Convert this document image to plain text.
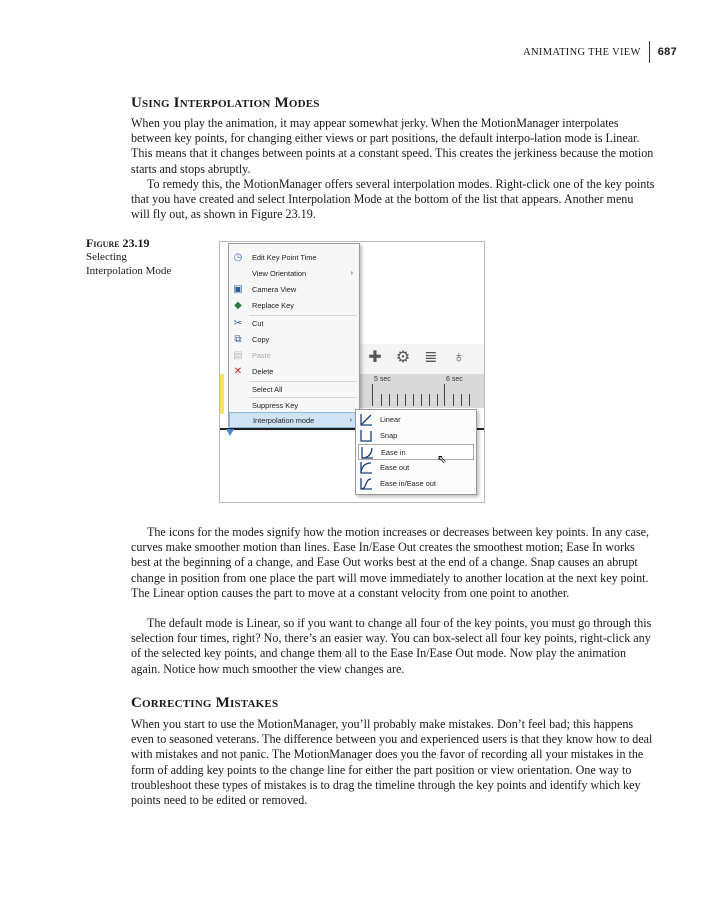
ANIMATING THE VIEW 687
Using Interpolation Modes

When you play the animation, it may appear somewhat jerky. When the MotionManager interpolates between key points, for changing either views or part positions, the default interpo-lation mode is Linear. This means that it changes between points at a constant speed. This creates the jerkiness because the motion starts and stops abruptly.

To remedy this, the MotionManager offers several interpolation modes. Right-click one of the key points that you have created and select Interpolation Mode at the bottom of the list that appears. Another menu will fly out, as shown in Figure 23.19.

Figure 23.19
Selecting
Interpolation Mode
✚ ⚙ ≣ ♁
5 sec	6 sec
◷ Edit Key Point Time
View Orientation	›
▣ Camera View
◆ Replace Key
✂ Cut
⧉	Copy
▤ Paste
✕ Delete
Select All
Suppress Key
Interpolation mode	›	Linear
Snap
Ease in
Ease out
Ease in/Ease out
⇖

The icons for the modes signify how the motion increases or decreases between key points. In any case, curves make smoother motion than lines. Ease In/Ease Out creates the smoothest motion; Ease In works best at the beginning of a change, and Ease Out works best at the end of a change. Snap causes an abrupt change in position from one place the part will move immediately to another location at the next key point. The Linear option causes the part to move at a constant velocity from one point to another.

The default mode is Linear, so if you want to change all four of the key points, you must go through this selection four times, right? No, there’s an easier way. You can box-select all four key points, right-click any of the selected key points, and change them all to the Ease In/Ease Out mode. Now play the animation again. Notice how much smoother the view changes are.

Correcting Mistakes

When you start to use the MotionManager, you’ll probably make mistakes. Don’t feel bad; this happens even to seasoned veterans. The difference between you and experienced users is that they know how to deal with mistakes and not panic. The MotionManager does you the favor of recording all your mistakes in the form of adding key points to the change line for either the part position or view orientation. One way to troubleshoot these types of mistakes is to drag the timeline through the key points and identify which key points need to be edited or removed.
